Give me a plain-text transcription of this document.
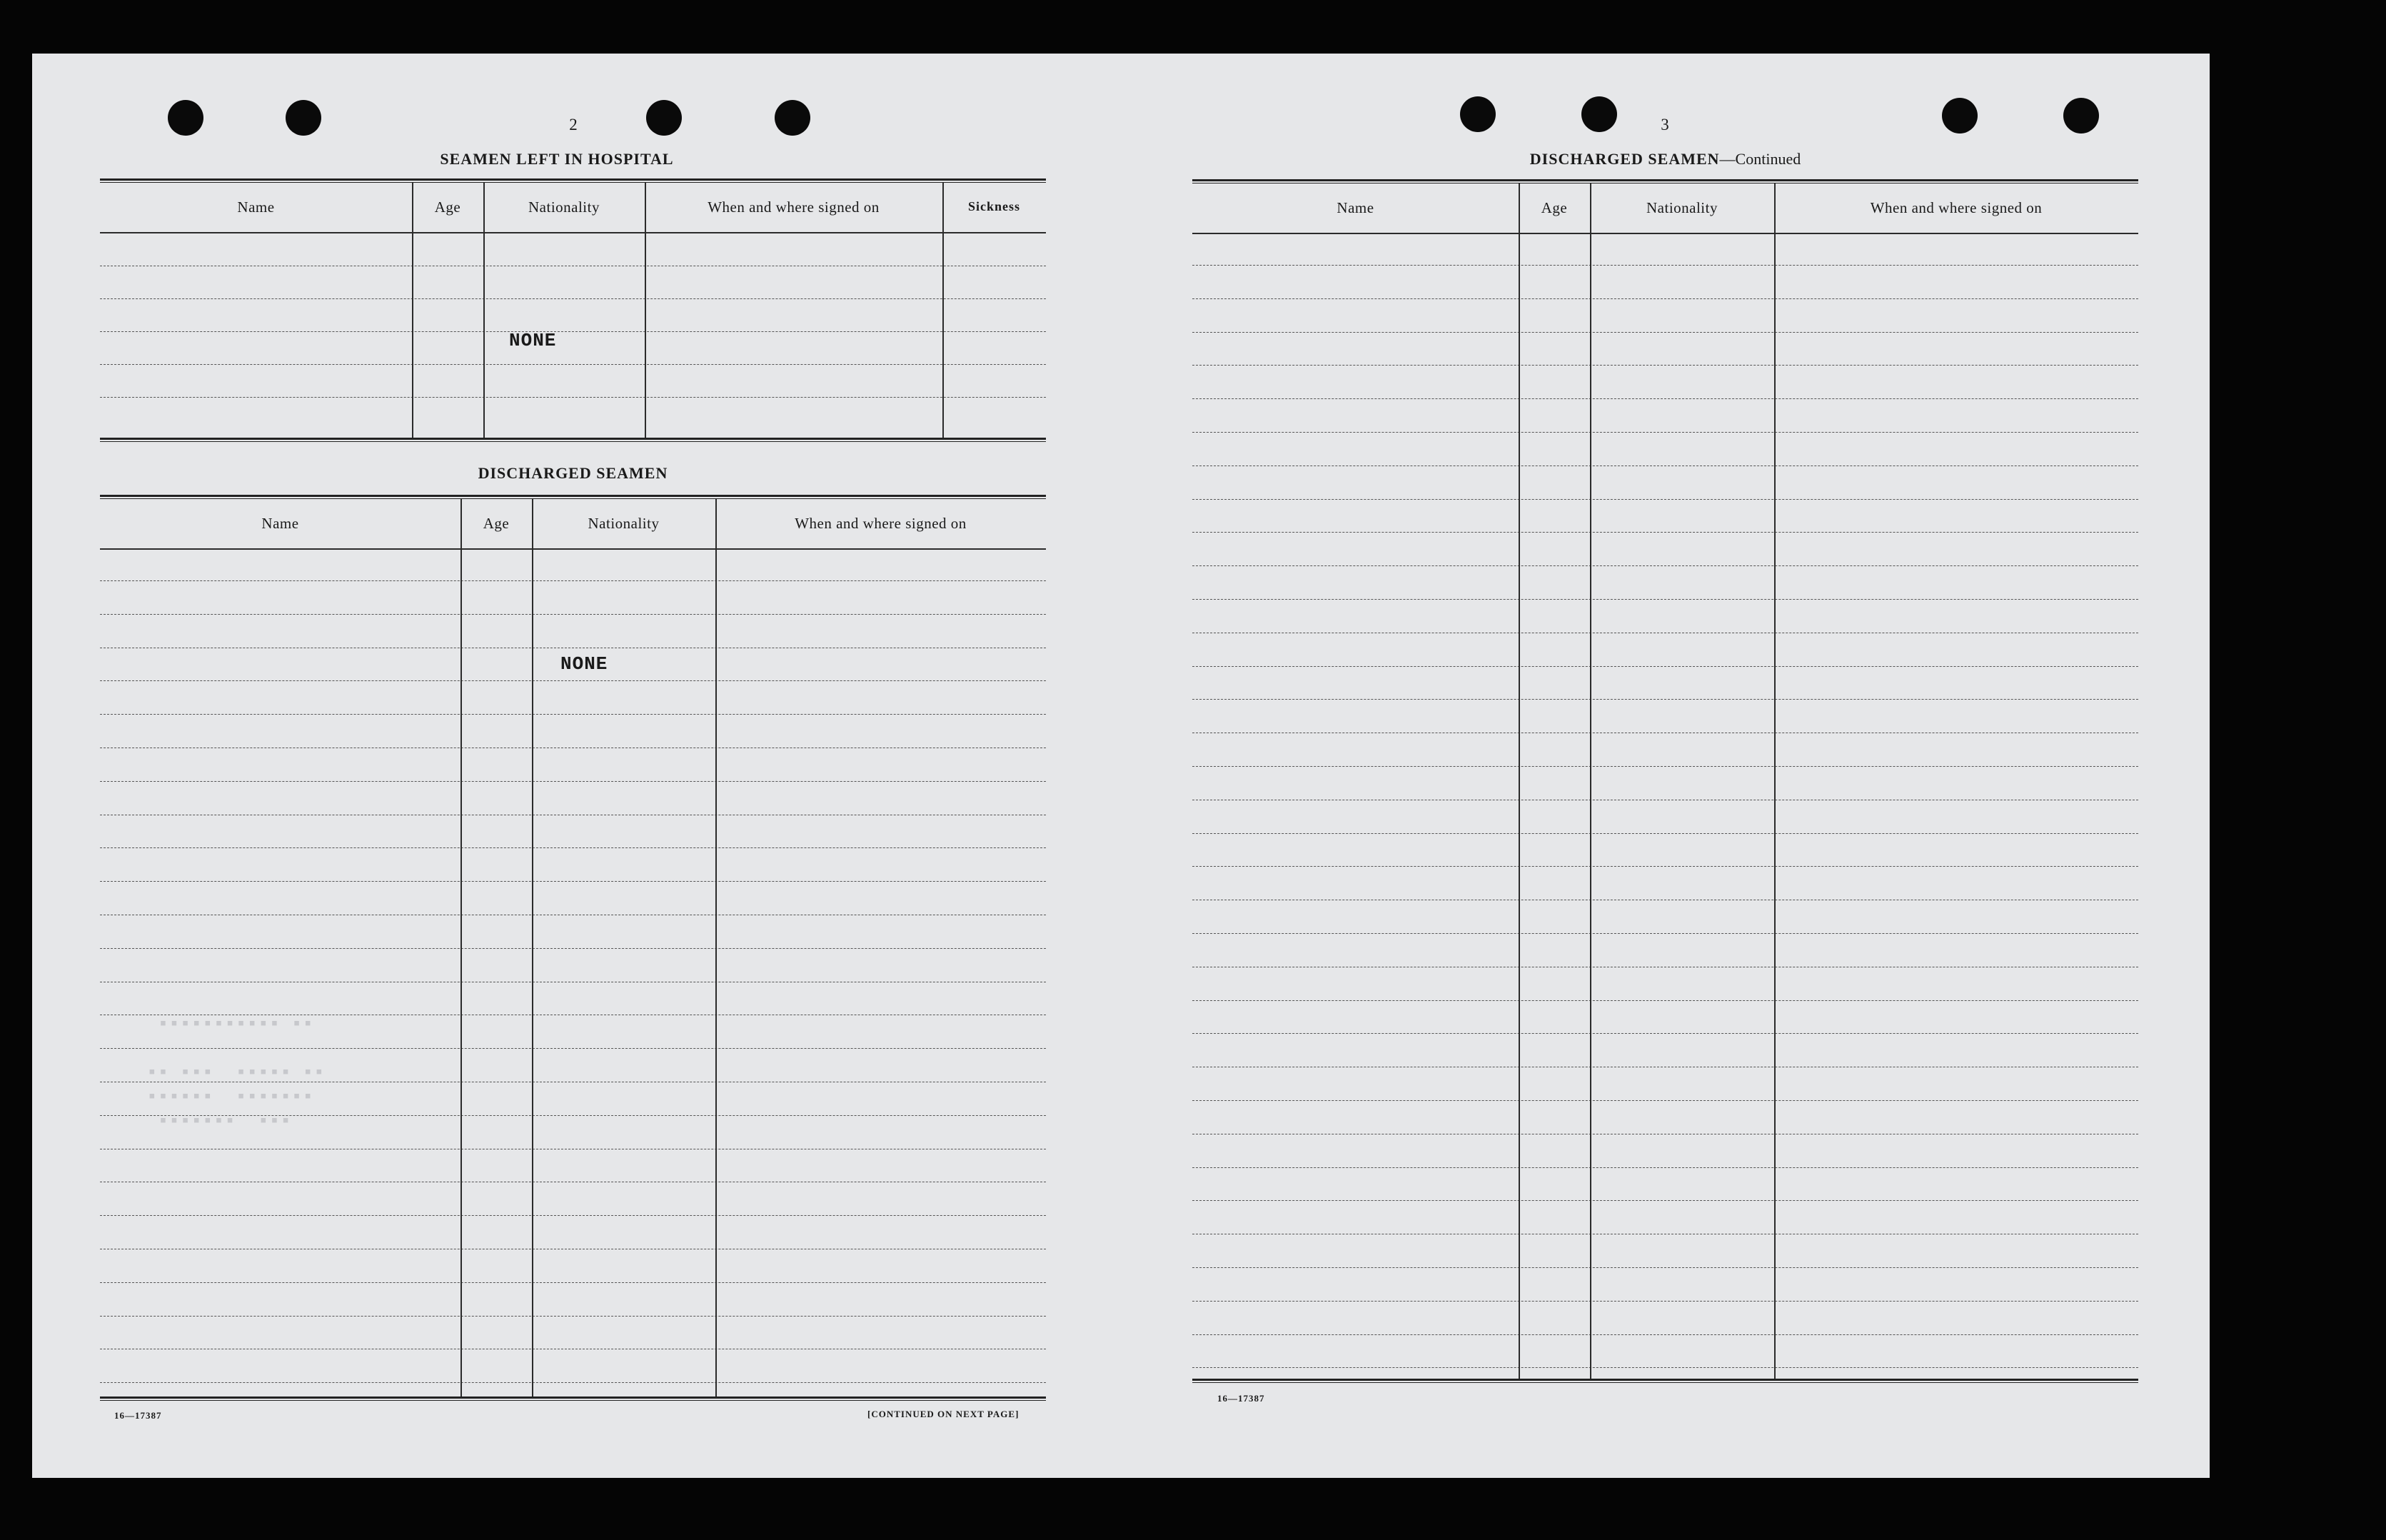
▪▪▪  ▪▪▪▪▪▪▪
▪▪▪▪▪▪▪  ▪▪▪▪▪▪
▪▪ ▪▪▪▪▪  ▪▪▪ ▪▪

▪▪ ▪▪▪▪▪▪▪▪▪▪▪
2
SEAMEN LEFT IN HOSPITAL
Name	Age	Nationality	When and where signed on	Sickness
NONE
DISCHARGED SEAMEN
Name	Age	Nationality	When and where signed on
NONE
16—17387	[CONTINUED ON NEXT PAGE]
3
DISCHARGED SEAMEN—Continued
Name	Age	Nationality	When and where signed on
16—17387
